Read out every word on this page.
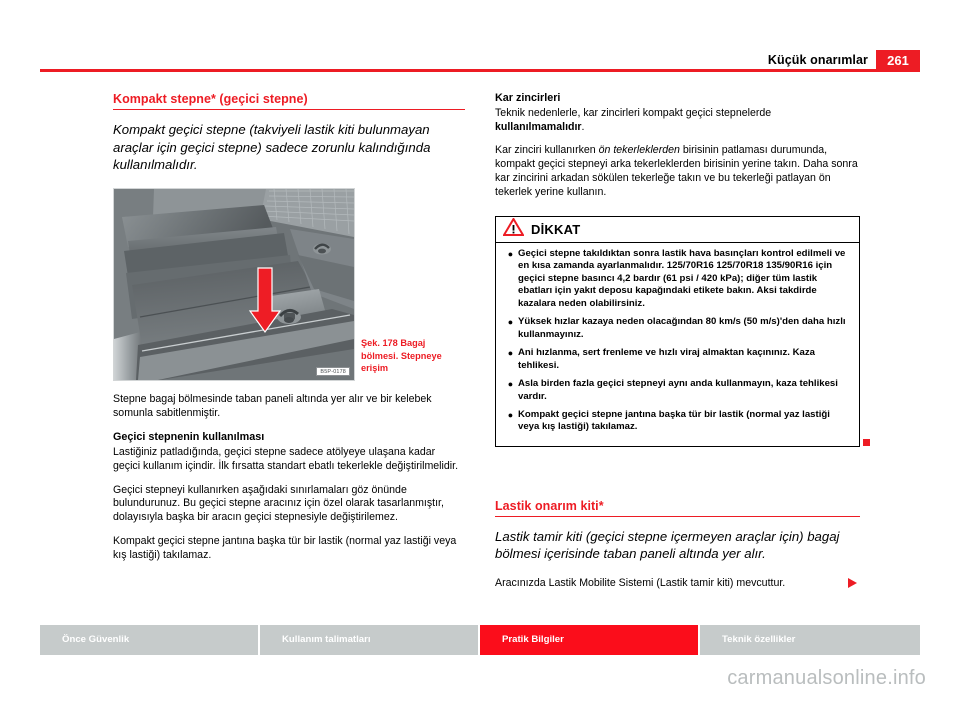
Küçük onarımlar	261
Kompakt stepne* (geçici stepne)
Kompakt geçici stepne (takviyeli lastik kiti bulunmayan araçlar için geçici stepne) sadece zorunlu kalındığında kullanılmalıdır.
B5P-0178
Şek. 178 Bagaj bölmesi. Stepneye erişim

Stepne bagaj bölmesinde taban paneli altında yer alır ve bir kelebek somunla sabitlenmiştir.

Geçici stepnenin kullanılması

Lastiğiniz patladığında, geçici stepne sadece atölyeye ulaşana kadar geçici kullanım içindir. İlk fırsatta standart ebatlı tekerlekle değiştirilmelidir.

Geçici stepneyi kullanırken aşağıdaki sınırlamaları göz önünde bulundurunuz. Bu geçici stepne aracınız için özel olarak tasarlanmıştır, dolayısıyla başka bir aracın geçici stepnesiyle değiştirilemez.

Kompakt geçici stepne jantına başka tür bir lastik (normal yaz lastiği veya kış lastiği) takılamaz.

Kar zincirleri

Teknik nedenlerle, kar zincirleri kompakt geçici stepnelerde kullanılmamalıdır.

Kar zinciri kullanırken ön tekerleklerden birisinin patlaması durumunda, kompakt geçici stepneyi arka tekerleklerden birisinin yerine takın. Daha sonra kar zincirini arkadan sökülen tekerleğe takın ve bu tekerleği patlayan ön tekerlek yerine kullanın.

DİKKAT
● Geçici stepne takıldıktan sonra lastik hava basınçları kontrol edilmeli ve en kısa zamanda ayarlanmalıdır. 125/70R16 125/70R18 135/90R16 için geçici stepne basıncı 4,2 bardır (61 psi / 420 kPa); diğer tüm lastik ebatları için yakıt deposu kapağındaki etikete bakın. Aksi takdirde kazalara neden olabilirsiniz.
● Yüksek hızlar kazaya neden olacağından 80 km/s (50 m/s)'den daha hızlı kullanmayınız.
● Ani hızlanma, sert frenleme ve hızlı viraj almaktan kaçınınız. Kaza tehlikesi.
● Asla birden fazla geçici stepneyi aynı anda kullanmayın, kaza tehlikesi vardır.
● Kompakt geçici stepne jantına başka tür bir lastik (normal yaz lastiği veya kış lastiği) takılamaz.
Lastik onarım kiti*
Lastik tamir kiti (geçici stepne içermeyen araçlar için) bagaj bölmesi içerisinde taban paneli altında yer alır.

Aracınızda Lastik Mobilite Sistemi (Lastik tamir kiti) mevcuttur.

Önce Güvenlik	Kullanım talimatları	Pratik Bilgiler	Teknik özellikler
carmanualsonline.info
